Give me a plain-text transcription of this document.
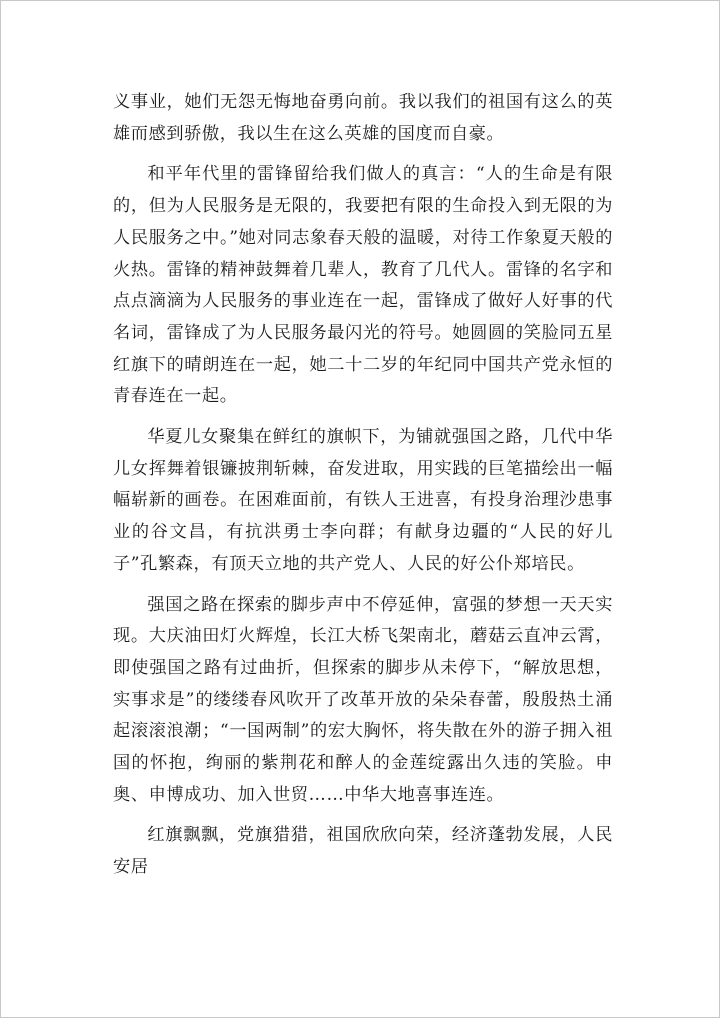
义事业，她们无怨无悔地奋勇向前。我以我们的祖国有这么的英雄而感到骄傲，我以生在这么英雄的国度而自豪。

和平年代里的雷锋留给我们做人的真言：“人的生命是有限的，但为人民服务是无限的，我要把有限的生命投入到无限的为人民服务之中。”她对同志象春天般的温暖，对待工作象夏天般的火热。雷锋的精神鼓舞着几辈人，教育了几代人。雷锋的名字和点点滴滴为人民服务的事业连在一起，雷锋成了做好人好事的代名词，雷锋成了为人民服务最闪光的符号。她圆圆的笑脸同五星红旗下的晴朗连在一起，她二十二岁的年纪同中国共产党永恒的青春连在一起。

华夏儿女聚集在鲜红的旗帜下，为铺就强国之路，几代中华儿女挥舞着银镰披荆斩棘，奋发进取，用实践的巨笔描绘出一幅幅崭新的画卷。在困难面前，有铁人王进喜，有投身治理沙患事业的谷文昌，有抗洪勇士李向群；有献身边疆的“人民的好儿子”孔繁森，有顶天立地的共产党人、人民的好公仆郑培民。

强国之路在探索的脚步声中不停延伸，富强的梦想一天天实现。大庆油田灯火辉煌，长江大桥飞架南北，蘑菇云直冲云霄，即使强国之路有过曲折，但探索的脚步从未停下，“解放思想，实事求是”的缕缕春风吹开了改革开放的朵朵春蕾，殷殷热土涌起滚滚浪潮；“一国两制”的宏大胸怀，将失散在外的游子拥入祖国的怀抱，绚丽的紫荆花和醉人的金莲绽露出久违的笑脸。申奥、申博成功、加入世贸……中华大地喜事连连。

红旗飘飘，党旗猎猎，祖国欣欣向荣，经济蓬勃发展，人民安居
